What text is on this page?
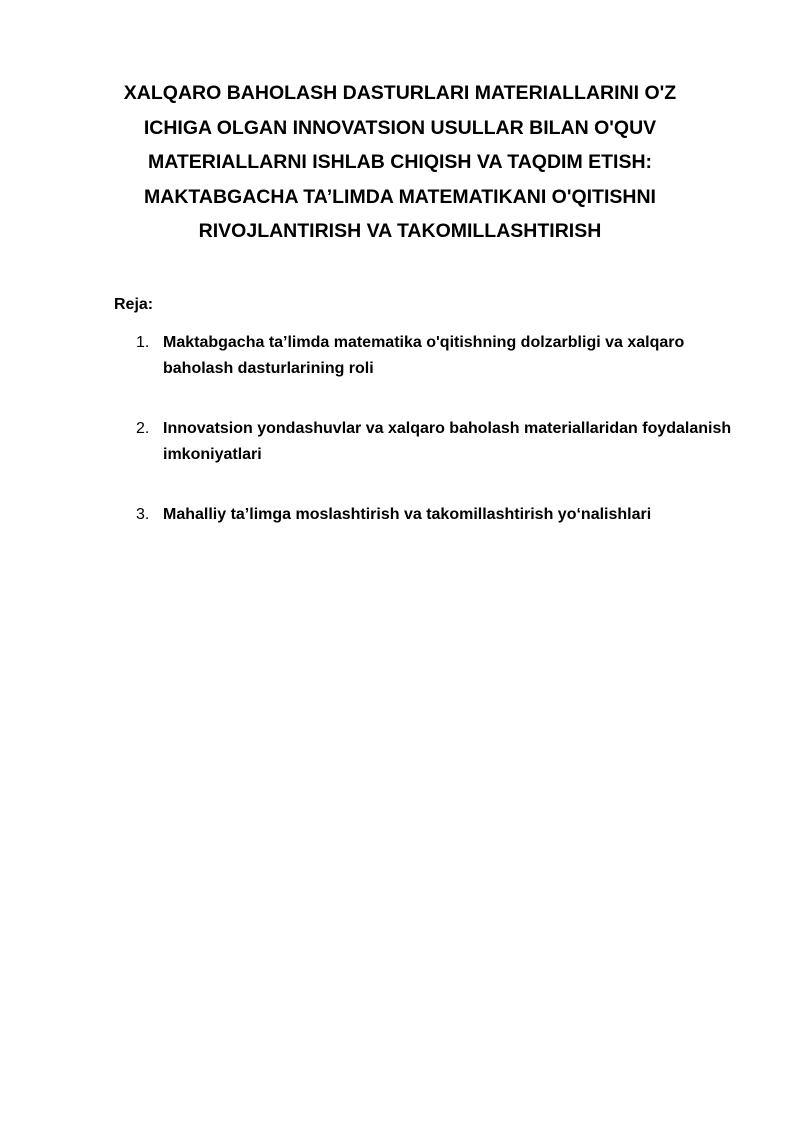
XALQARO BAHOLASH DASTURLARI MATERIALLARINI O'Z
ICHIGA OLGAN INNOVATSION USULLAR BILAN O'QUV
MATERIALLARNI ISHLAB CHIQISH VA TAQDIM ETISH:
MAKTABGACHA TA’LIMDA MATEMATIKANI O'QITISHNI
RIVOJLANTIRISH VA TAKOMILLASHTIRISH

Reja:

1. Maktabgacha ta’limda matematika o'qitishning dolzarbligi va xalqaro
baholash dasturlarining roli
2. Innovatsion yondashuvlar va xalqaro baholash materiallaridan foydalanish
imkoniyatlari
3. Mahalliy ta’limga moslashtirish va takomillashtirish yo‘nalishlari
